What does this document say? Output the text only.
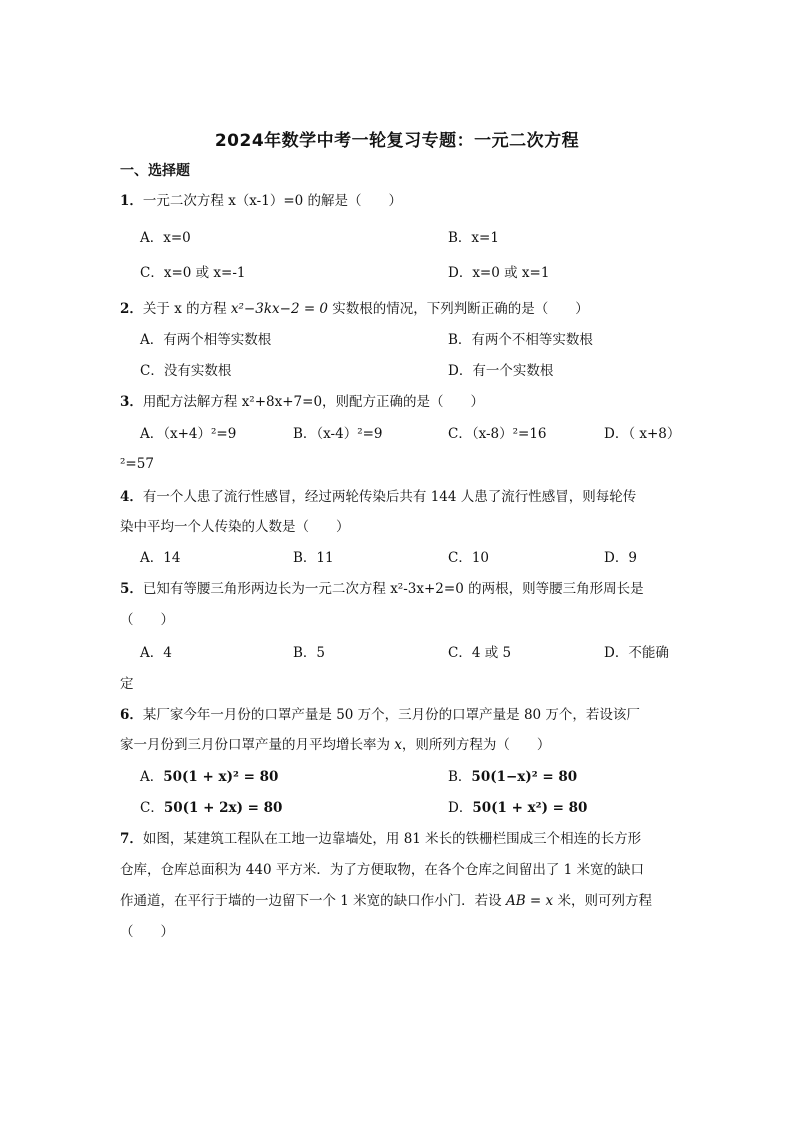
2024年数学中考一轮复习专题：一元二次方程
一、选择题
1．一元二次方程 x（x-1）=0 的解是（　　）
A．x=0	B．x=1
C．x=0 或 x=-1	D．x=0 或 x=1
2．关于 x 的方程 x²−3kx−2 = 0 实数根的情况，下列判断正确的是（　　）
A．有两个相等实数根	B．有两个不相等实数根
C．没有实数根	D．有一个实数根
3．用配方法解方程 x²+8x+7=0，则配方正确的是（　　）
A．（x+4）²=9	B．（x-4）²=9	C．（x-8）²=16	D．（ x+8）
²=57
4．有一个人患了流行性感冒，经过两轮传染后共有 144 人患了流行性感冒，则每轮传
染中平均一个人传染的人数是（　　）
A．14	B．11	C．10	D．9
5．已知有等腰三角形两边长为一元二次方程 x²-3x+2=0 的两根，则等腰三角形周长是
（　　）
A．4	B．5	C．4 或 5	D．不能确
定
6．某厂家今年一月份的口罩产量是 50 万个，三月份的口罩产量是 80 万个，若设该厂
家一月份到三月份口罩产量的月平均增长率为 x，则所列方程为（　　）
A．50(1 + x)² = 80	B．50(1−x)² = 80
C．50(1 + 2x) = 80	D．50(1 + x²) = 80
7．如图，某建筑工程队在工地一边靠墙处，用 81 米长的铁栅栏围成三个相连的长方形
仓库，仓库总面积为 440 平方米．为了方便取物，在各个仓库之间留出了 1 米宽的缺口
作通道，在平行于墙的一边留下一个 1 米宽的缺口作小门．若设 AB = x 米，则可列方程
（　　）
